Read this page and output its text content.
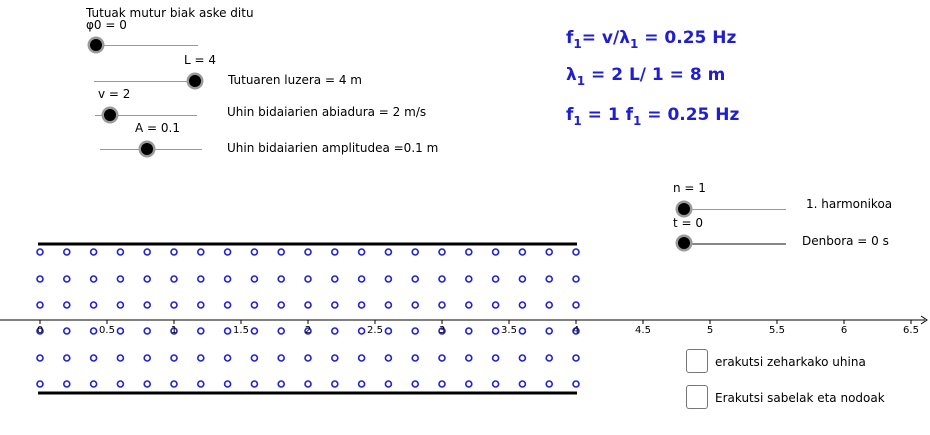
Tutuak mutur biak aske ditu
φ0 = 0
L = 4
Tutuaren luzera = 4 m
v = 2
Uhin bidaiarien abiadura = 2 m/s
A = 0.1
Uhin bidaiarien amplitudea =0.1 m
$f_1= v/\lambda_1 = 0.25$ Hz
$\lambda_1 = 2$ L/ 1 = 8 m
$f_1 = 1$ $f_1 = 0.25$ Hz
n = 1
1. harmonikoa
t = 0
Denbora = 0 s
0	0.5	1	1.5	2	2.5	3	3.5	4	4.5	5	5.5	6	6.5
erakutsi zeharkako uhina
Erakutsi sabelak eta nodoak
